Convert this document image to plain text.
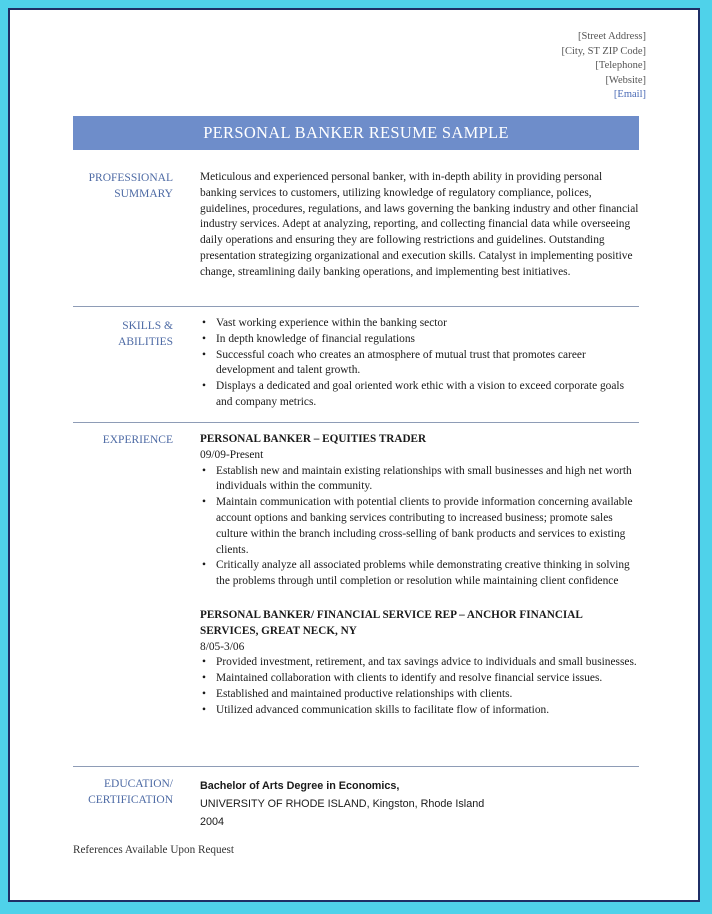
[Street Address]
[City, ST ZIP Code]
[Telephone]
[Website]
[Email]
PERSONAL BANKER RESUME SAMPLE
PROFESSIONAL
SUMMARY
Meticulous and experienced personal banker, with in-depth ability in providing personal banking services to customers, utilizing knowledge of regulatory compliance, polices, guidelines, procedures, regulations, and laws governing the banking industry and other financial industry services. Adept at analyzing, reporting, and collecting financial data while overseeing daily operations and ensuring they are following restrictions and guidelines. Outstanding presentation strategizing organizational and execution skills. Catalyst in implementing positive change, streamlining daily banking operations, and implementing best initiatives.
SKILLS &
ABILITIES
• Vast working experience within the banking sector
• In depth knowledge of financial regulations
• Successful coach who creates an atmosphere of mutual trust that promotes career development and talent growth.
• Displays a dedicated and goal oriented work ethic with a vision to exceed corporate goals and company metrics.
EXPERIENCE PERSONAL BANKER – EQUITIES TRADER
09/09-Present
• Establish new and maintain existing relationships with small businesses and high net worth individuals within the community.
• Maintain communication with potential clients to provide information concerning available account options and banking services contributing to increased business; promote sales culture within the branch including cross-selling of bank products and services to existing clients.
• Critically analyze all associated problems while demonstrating creative thinking in solving the problems through until completion or resolution while maintaining client confidence
PERSONAL BANKER/ FINANCIAL SERVICE REP – ANCHOR FINANCIAL SERVICES, GREAT NECK, NY
8/05-3/06
• Provided investment, retirement, and tax savings advice to individuals and small businesses.
• Maintained collaboration with clients to identify and resolve financial service issues.
• Established and maintained productive relationships with clients.
• Utilized advanced communication skills to facilitate flow of information.
EDUCATION/
CERTIFICATION
Bachelor of Arts Degree in Economics,
UNIVERSITY OF RHODE ISLAND, Kingston, Rhode Island
2004
References Available Upon Request
